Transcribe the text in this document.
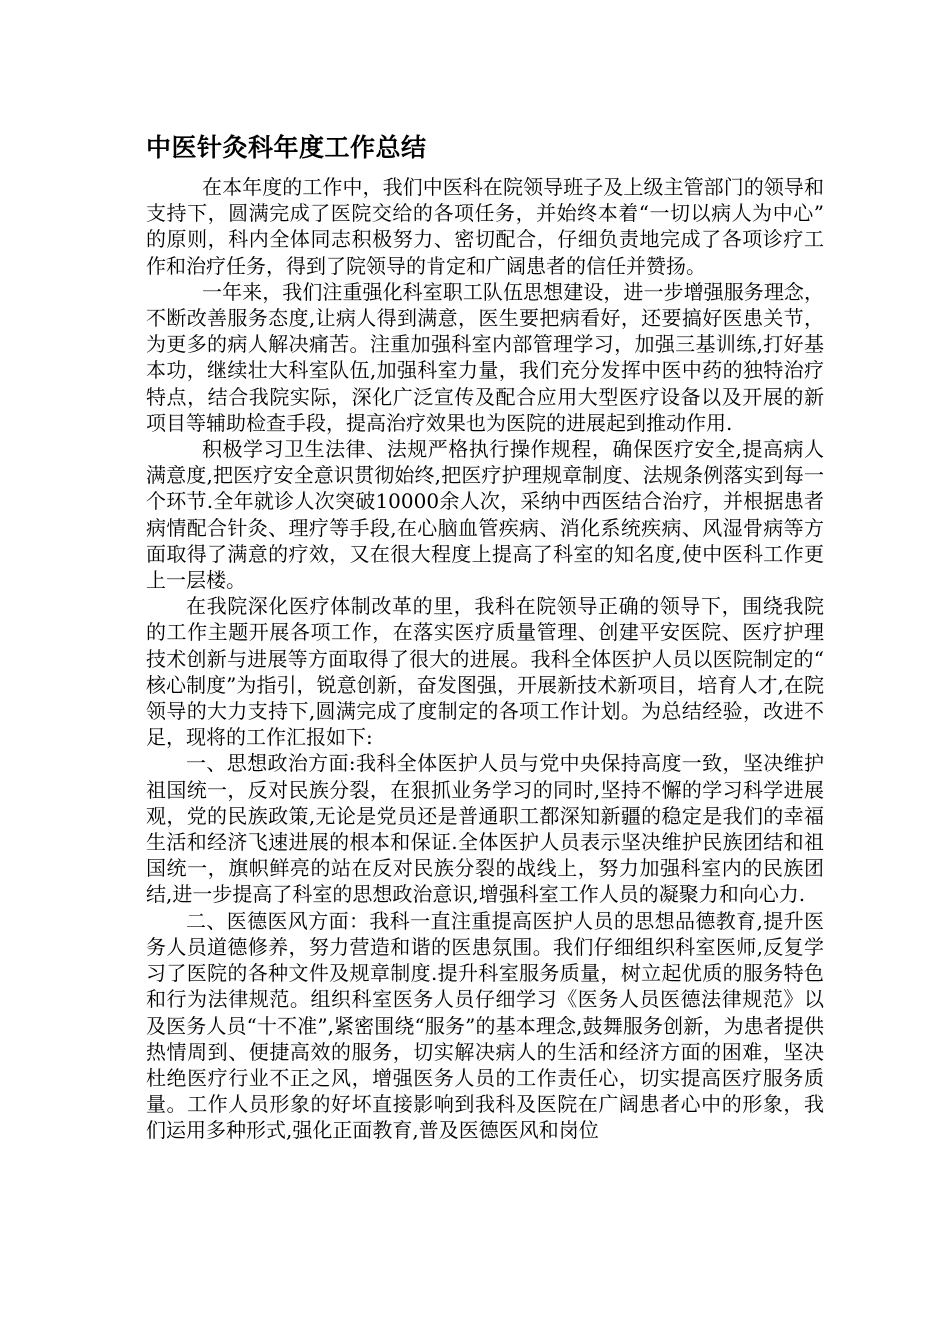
中医针灸科年度工作总结

在本年度的工作中，我们中医科在院领导班子及上级主管部门的领导和支持下，圆满完成了医院交给的各项任务，并始终本着“一切以病人为中心”的原则，科内全体同志积极努力、密切配合，仔细负责地完成了各项诊疗工作和治疗任务，得到了院领导的肯定和广阔患者的信任并赞扬。

一年来，我们注重强化科室职工队伍思想建设，进一步增强服务理念，不断改善服务态度,让病人得到满意，医生要把病看好，还要搞好医患关节，为更多的病人解决痛苦。注重加强科室内部管理学习，加强三基训练,打好基本功，继续壮大科室队伍,加强科室力量，我们充分发挥中医中药的独特治疗特点，结合我院实际，深化广泛宣传及配合应用大型医疗设备以及开展的新项目等辅助检查手段，提高治疗效果也为医院的进展起到推动作用.

积极学习卫生法律、法规严格执行操作规程，确保医疗安全,提高病人满意度,把医疗安全意识贯彻始终,把医疗护理规章制度、法规条例落实到每一个环节.全年就诊人次突破10000余人次，采纳中西医结合治疗，并根据患者病情配合针灸、理疗等手段,在心脑血管疾病、消化系统疾病、风湿骨病等方面取得了满意的疗效，又在很大程度上提高了科室的知名度,使中医科工作更上一层楼。

在我院深化医疗体制改革的里，我科在院领导正确的领导下，围绕我院的工作主题开展各项工作，在落实医疗质量管理、创建平安医院、医疗护理技术创新与进展等方面取得了很大的进展。我科全体医护人员以医院制定的“核心制度”为指引，锐意创新，奋发图强，开展新技术新项目，培育人才,在院领导的大力支持下,圆满完成了度制定的各项工作计划。为总结经验，改进不足，现将的工作汇报如下:

一、思想政治方面:我科全体医护人员与党中央保持高度一致，坚决维护祖国统一，反对民族分裂，在狠抓业务学习的同时,坚持不懈的学习科学进展观，党的民族政策,无论是党员还是普通职工都深知新疆的稳定是我们的幸福生活和经济飞速进展的根本和保证.全体医护人员表示坚决维护民族团结和祖国统一，旗帜鲜亮的站在反对民族分裂的战线上，努力加强科室内的民族团结,进一步提高了科室的思想政治意识,增强科室工作人员的凝聚力和向心力.

二、医德医风方面：我科一直注重提高医护人员的思想品德教育,提升医务人员道德修养，努力营造和谐的医患氛围。我们仔细组织科室医师,反复学习了医院的各种文件及规章制度.提升科室服务质量，树立起优质的服务特色和行为法律规范。组织科室医务人员仔细学习《医务人员医德法律规范》以及医务人员“十不准”,紧密围绕“服务”的基本理念,鼓舞服务创新，为患者提供热情周到、便捷高效的服务，切实解决病人的生活和经济方面的困难，坚决杜绝医疗行业不正之风，增强医务人员的工作责任心，切实提高医疗服务质量。工作人员形象的好坏直接影响到我科及医院在广阔患者心中的形象，我们运用多种形式,强化正面教育,普及医德医风和岗位
